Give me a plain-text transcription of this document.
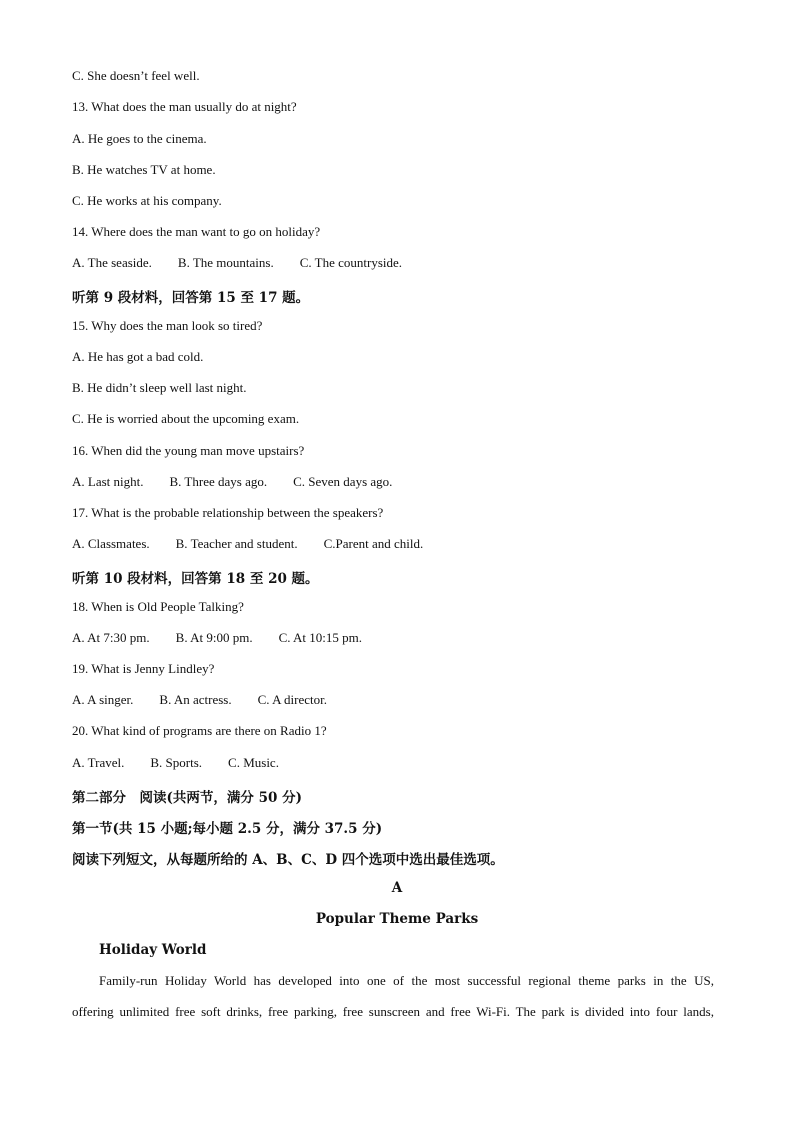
C. She doesn’t feel well.
13. What does the man usually do at night?
A. He goes to the cinema.
B. He watches TV at home.
C. He works at his company.
14. Where does the man want to go on holiday?
A. The seaside. B. The mountains. C. The countryside.
听第 9 段材料，回答第 15 至 17 题。
15. Why does the man look so tired?
A. He has got a bad cold.
B. He didn’t sleep well last night.
C. He is worried about the upcoming exam.
16. When did the young man move upstairs?
A. Last night. B. Three days ago. C. Seven days ago.
17. What is the probable relationship between the speakers?
A. Classmates. B. Teacher and student. C.Parent and child.
听第 10 段材料，回答第 18 至 20 题。
18. When is Old People Talking?
A. At 7:30 pm. B. At 9:00 pm. C. At 10:15 pm.
19. What is Jenny Lindley?
A. A singer. B. An actress. C. A director.
20. What kind of programs are there on Radio 1?
A. Travel. B. Sports. C. Music.
第二部分　阅读(共两节，满分 50 分)
第一节(共 15 小题;每小题 2.5 分，满分 37.5 分)
阅读下列短文，从每题所给的 A、B、C、D 四个选项中选出最佳选项。
A
Popular Theme Parks
Holiday World
Family-run Holiday World has developed into one of the most successful regional theme parks in the US,
offering unlimited free soft drinks, free parking, free sunscreen and free Wi-Fi. The park is divided into four lands,
